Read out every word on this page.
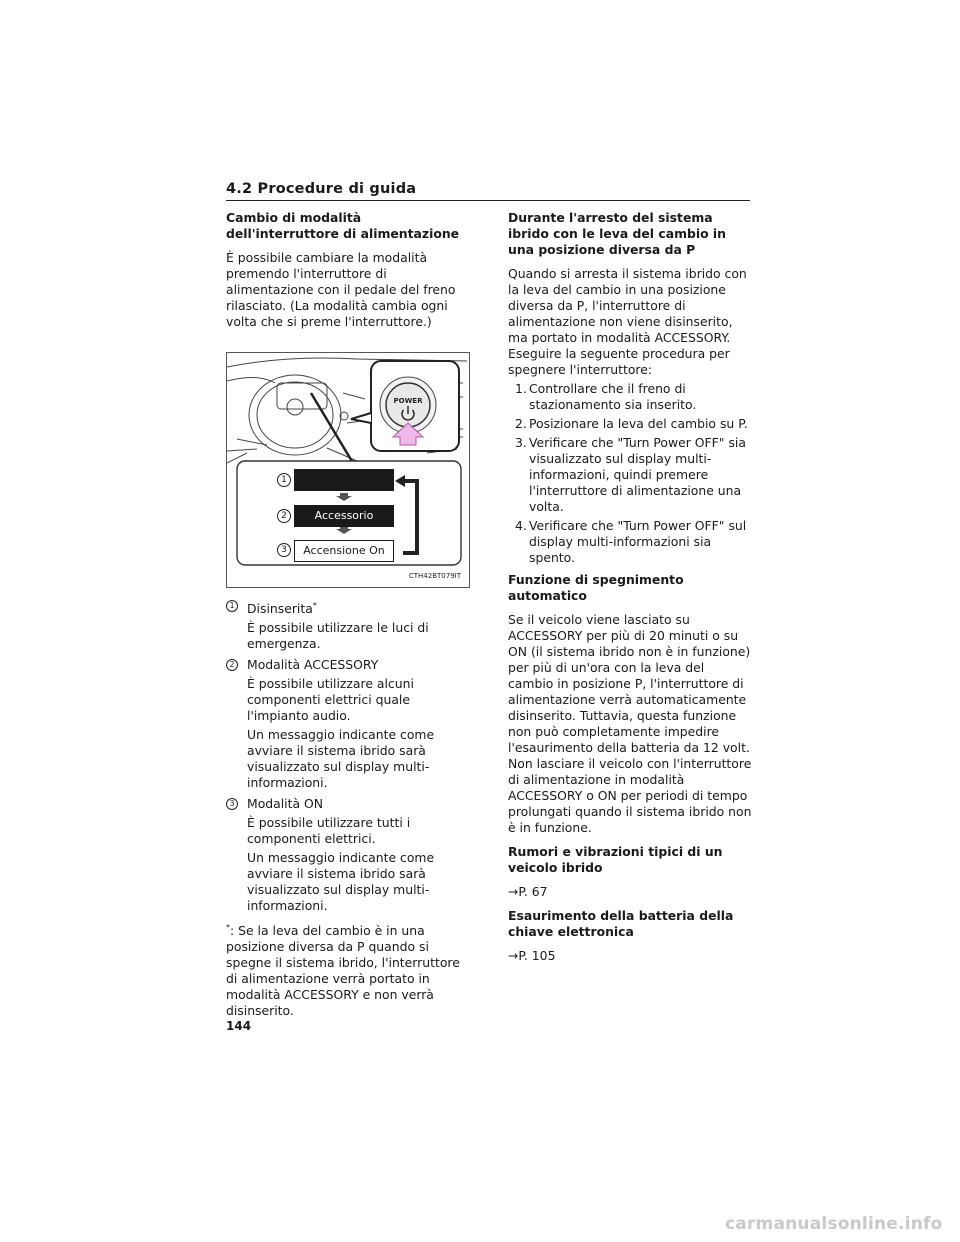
4.2 Procedure di guida
Cambio di modalità dell'interruttore di alimentazione

È possibile cambiare la modalità premendo l'interruttore di alimentazione con il pedale del freno rilasciato. (La modalità cambia ogni volta che si preme l'interruttore.)

POWER
1
2	Accessorio
3	Accensione On
CTH42BT079IT
1 Disinserita*

È possibile utilizzare le luci di emergenza.

2 Modalità ACCESSORY

È possibile utilizzare alcuni componenti elettrici quale l'impianto audio.

Un messaggio indicante come avviare il sistema ibrido sarà visualizzato sul display multi-informazioni.

3 Modalità ON

È possibile utilizzare tutti i componenti elettrici.

Un messaggio indicante come avviare il sistema ibrido sarà visualizzato sul display multi-informazioni.

*: Se la leva del cambio è in una posizione diversa da P quando si spegne il sistema ibrido, l'interruttore di alimentazione verrà portato in modalità ACCESSORY e non verrà disinserito.

Durante l'arresto del sistema ibrido con le leva del cambio in una posizione diversa da P

Quando si arresta il sistema ibrido con la leva del cambio in una posizione diversa da P, l'interruttore di alimentazione non viene disinserito, ma portato in modalità ACCESSORY. Eseguire la seguente procedura per spegnere l'interruttore:

1. Controllare che il freno di stazionamento sia inserito.
2. Posizionare la leva del cambio su P.
3. Verificare che "Turn Power OFF" sia visualizzato sul display multi-informazioni, quindi premere l'interruttore di alimentazione una volta.
4. Verificare che "Turn Power OFF" sul display multi-informazioni sia spento.
Funzione di spegnimento automatico

Se il veicolo viene lasciato su ACCESSORY per più di 20 minuti o su ON (il sistema ibrido non è in funzione) per più di un'ora con la leva del cambio in posizione P, l'interruttore di alimentazione verrà automaticamente disinserito. Tuttavia, questa funzione non può completamente impedire l'esaurimento della batteria da 12 volt. Non lasciare il veicolo con l'interruttore di alimentazione in modalità ACCESSORY o ON per periodi di tempo prolungati quando il sistema ibrido non è in funzione.

Rumori e vibrazioni tipici di un veicolo ibrido

→P. 67

Esaurimento della batteria della chiave elettronica

→P. 105

144
carmanualsonline.info
